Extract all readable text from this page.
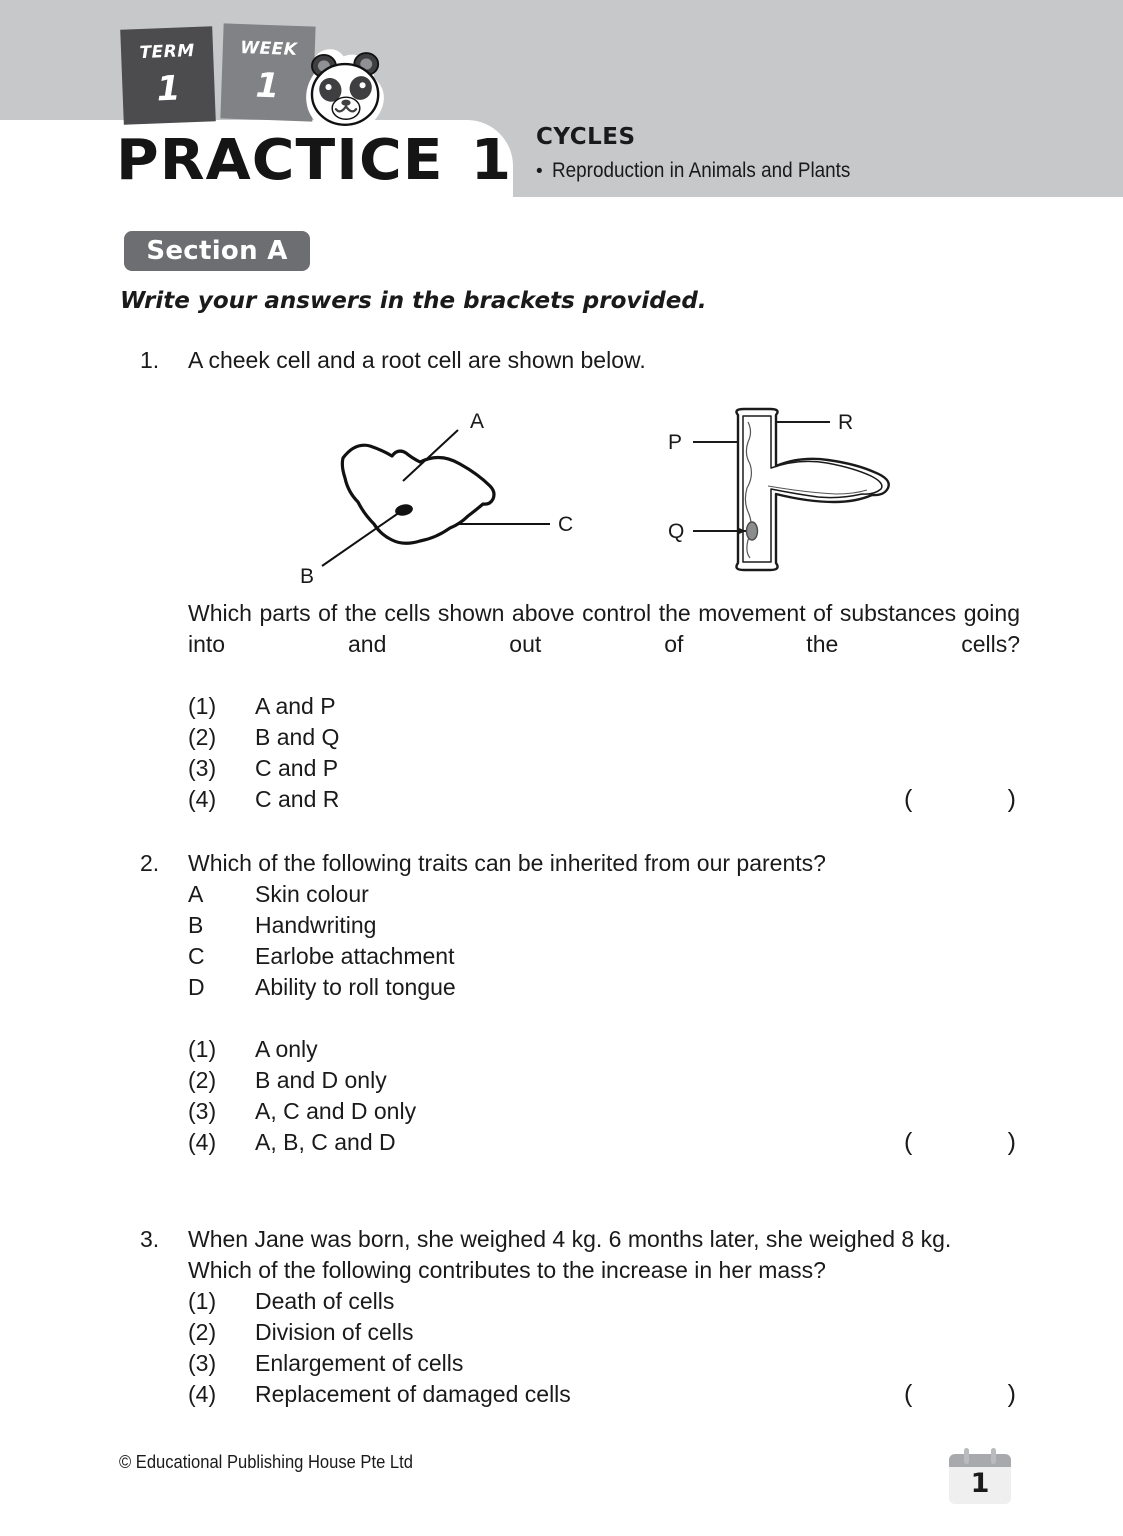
TERM
1
WEEK
1
PRACTICE 1 CYCLES
• Reproduction in Animals and Plants
Section A
Write your answers in the brackets provided.
1.	A cheek cell and a root cell are shown below.
A
C
B
R
P
Q
Which parts of the cells shown above control the movement of substances going into and out of the cells?
(1)	A and P
(2)	B and Q
(3)	C and P
(4)	C and R	(	)
2.	Which of the following traits can be inherited from our parents?
A	Skin colour
B	Handwriting
C	Earlobe attachment
D	Ability to roll tongue
(1)	A only
(2)	B and D only
(3)	A, C and D only
(4)	A, B, C and D	(	)
3.	When Jane was born, she weighed 4 kg. 6 months later, she weighed 8 kg. Which of the following contributes to the increase in her mass?
(1)	Death of cells
(2)	Division of cells
(3)	Enlargement of cells
(4)	Replacement of damaged cells	(	)
© Educational Publishing House Pte Ltd
1
